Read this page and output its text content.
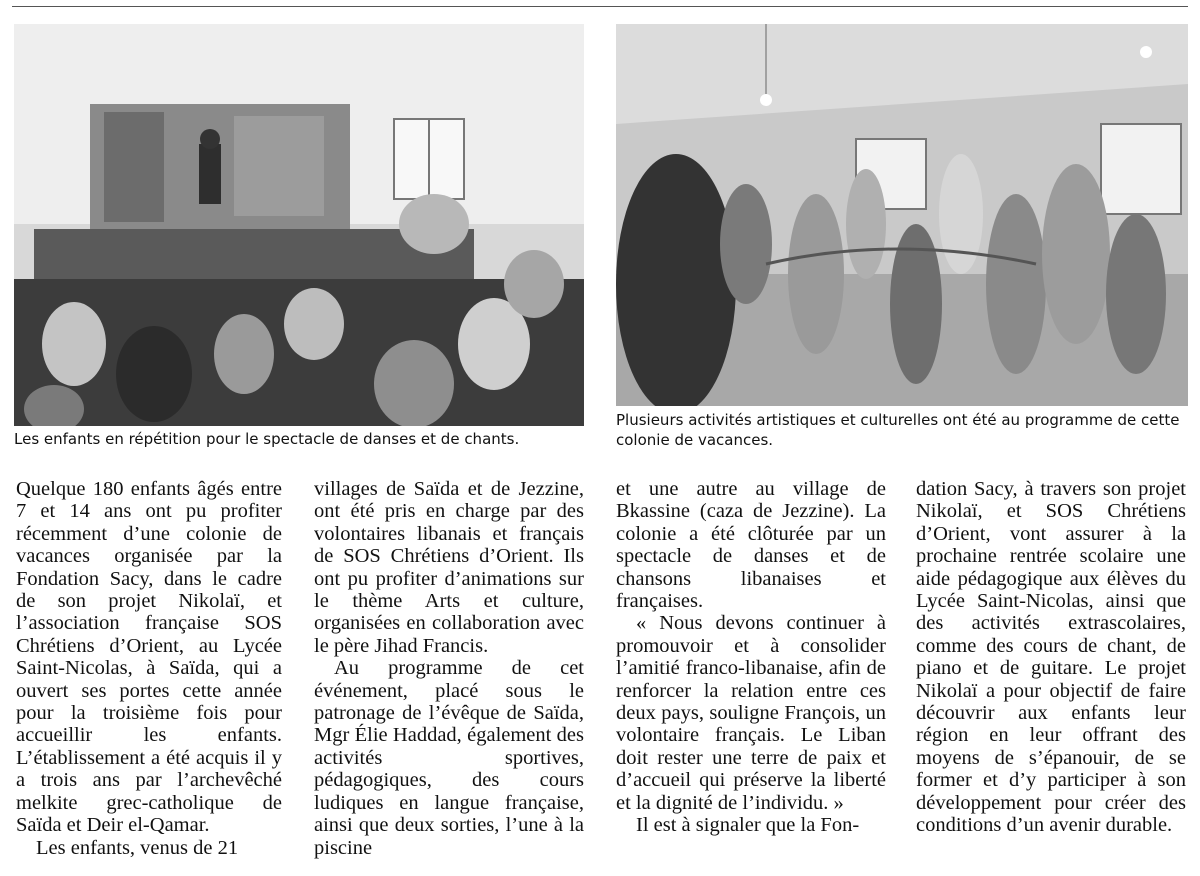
Les enfants en répétition pour le spectacle de danses et de chants.
Plusieurs activités artistiques et culturelles ont été au programme de cette colonie de vacances.

Quelque 180 enfants âgés entre 7 et 14 ans ont pu profiter récemment d’une colonie de vacances organisée par la Fondation Sacy, dans le cadre de son projet Nikolaï, et l’association française SOS Chrétiens d’Orient, au Lycée Saint-Nicolas, à Saïda, qui a ouvert ses portes cette année pour la troisième fois pour accueillir les enfants. L’établissement a été acquis il y a trois ans par l’archevêché melkite grec-catholique de Saïda et Deir el-Qamar.

Les enfants, venus de 21

villages de Saïda et de Jezzine, ont été pris en charge par des volontaires libanais et français de SOS Chrétiens d’Orient. Ils ont pu profiter d’animations sur le thème Arts et culture, organisées en collaboration avec le père Jihad Francis.

Au programme de cet événement, placé sous le patronage de l’évêque de Saïda, Mgr Élie Haddad, également des activités sportives, pédagogiques, des cours ludiques en langue française, ainsi que deux sorties, l’une à la piscine

et une autre au village de Bkassine (caza de Jezzine). La colonie a été clôturée par un spectacle de danses et de chansons libanaises et françaises.

« Nous devons continuer à promouvoir et à consolider l’amitié franco-libanaise, afin de renforcer la relation entre ces deux pays, souligne François, un volontaire français. Le Liban doit rester une terre de paix et d’accueil qui préserve la liberté et la dignité de l’individu. »

Il est à signaler que la Fon-

dation Sacy, à travers son projet Nikolaï, et SOS Chrétiens d’Orient, vont assurer à la prochaine rentrée scolaire une aide pédagogique aux élèves du Lycée Saint-Nicolas, ainsi que des activités extrascolaires, comme des cours de chant, de piano et de guitare. Le projet Nikolaï a pour objectif de faire découvrir aux enfants leur région en leur offrant des moyens de s’épanouir, de se former et d’y participer à son développement pour créer des conditions d’un avenir durable.
